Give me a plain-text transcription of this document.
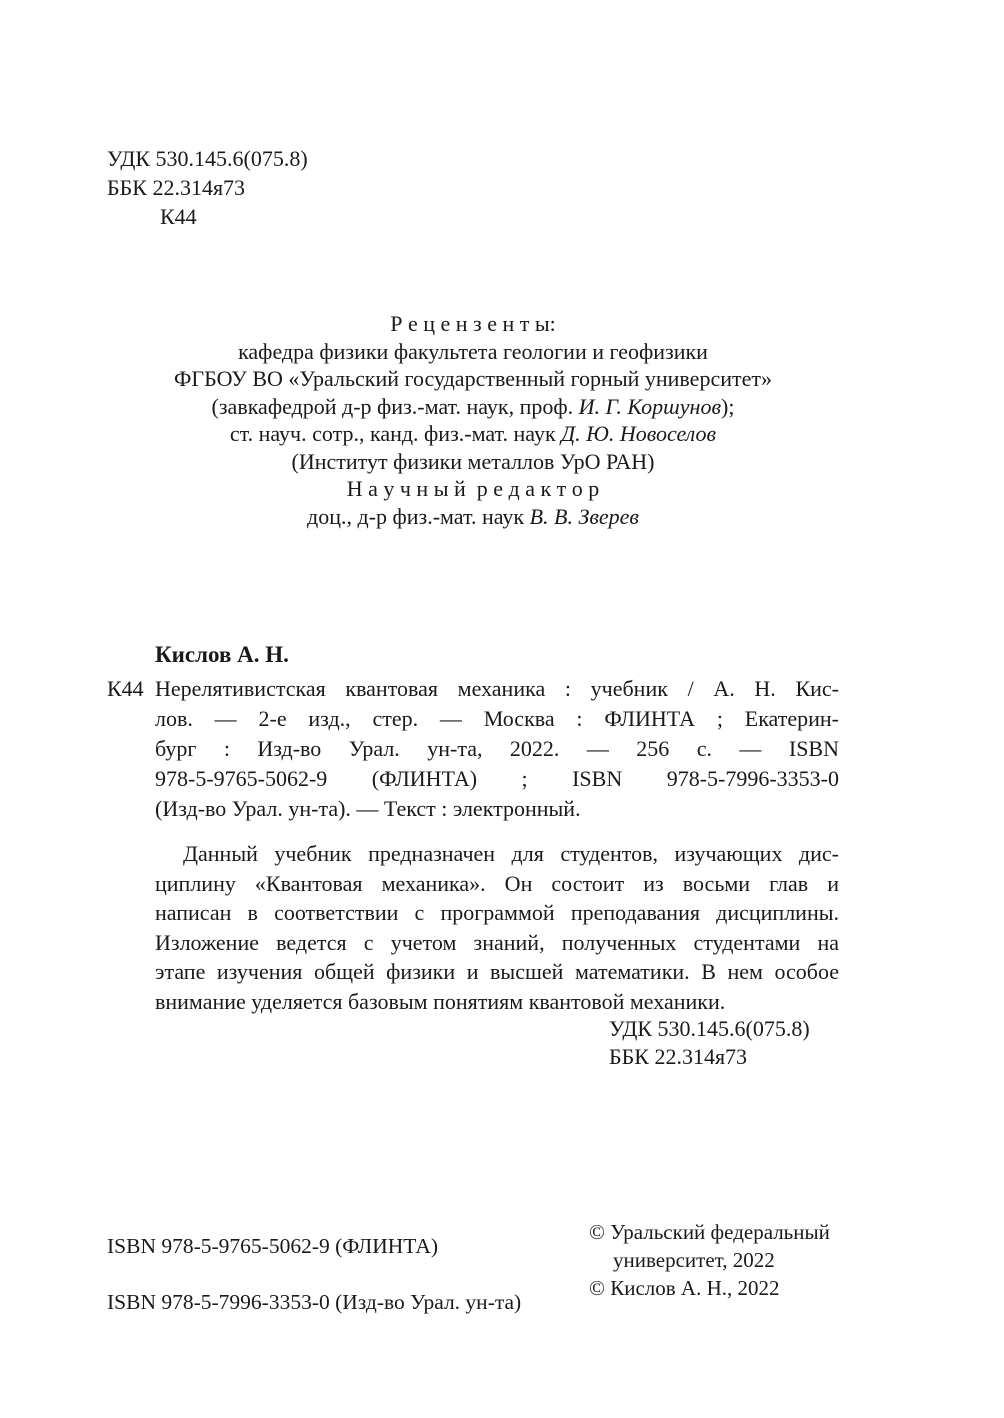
УДК 530.145.6(075.8)
ББК 22.314я73
К44
Р е ц е н з е н т ы:
кафедра физики факультета геологии и геофизики
ФГБОУ ВО «Уральский государственный горный университет»
(завкафедрой д-р физ.-мат. наук, проф. И. Г. Коршунов);
ст. науч. сотр., канд. физ.-мат. наук Д. Ю. Новоселов
(Институт физики металлов УрО РАН)
Н а у ч н ы й  р е д а к т о р
доц., д-р физ.-мат. наук В. В. Зверев
Кислов А. Н.
К44 Нерелятивистская квантовая механика : учебник / А. Н. Кис-
лов. — 2-е изд., стер. — Москва : ФЛИНТА ; Екатерин-
бург : Изд-во Урал. ун-та, 2022. — 256 с. — ISBN
978-5-9765-5062-9 (ФЛИНТА) ; ISBN 978-5-7996-3353-0
(Изд-во Урал. ун-та). — Текст : электронный.
Данный учебник предназначен для студентов, изучающих дис-
циплину «Квантовая механика». Он состоит из восьми глав и
написан в соответствии с программой преподавания дисциплины.
Изложение ведется с учетом знаний, полученных студентами на
этапе изучения общей физики и высшей математики. В нем особое
внимание уделяется базовым понятиям квантовой механики.
УДК 530.145.6(075.8)
ББК 22.314я73
ISBN 978-5-9765-5062-9 (ФЛИНТА)
ISBN 978-5-7996-3353-0 (Изд-во Урал. ун-та)
© Уральский федеральный
университет, 2022
© Кислов А. Н., 2022
